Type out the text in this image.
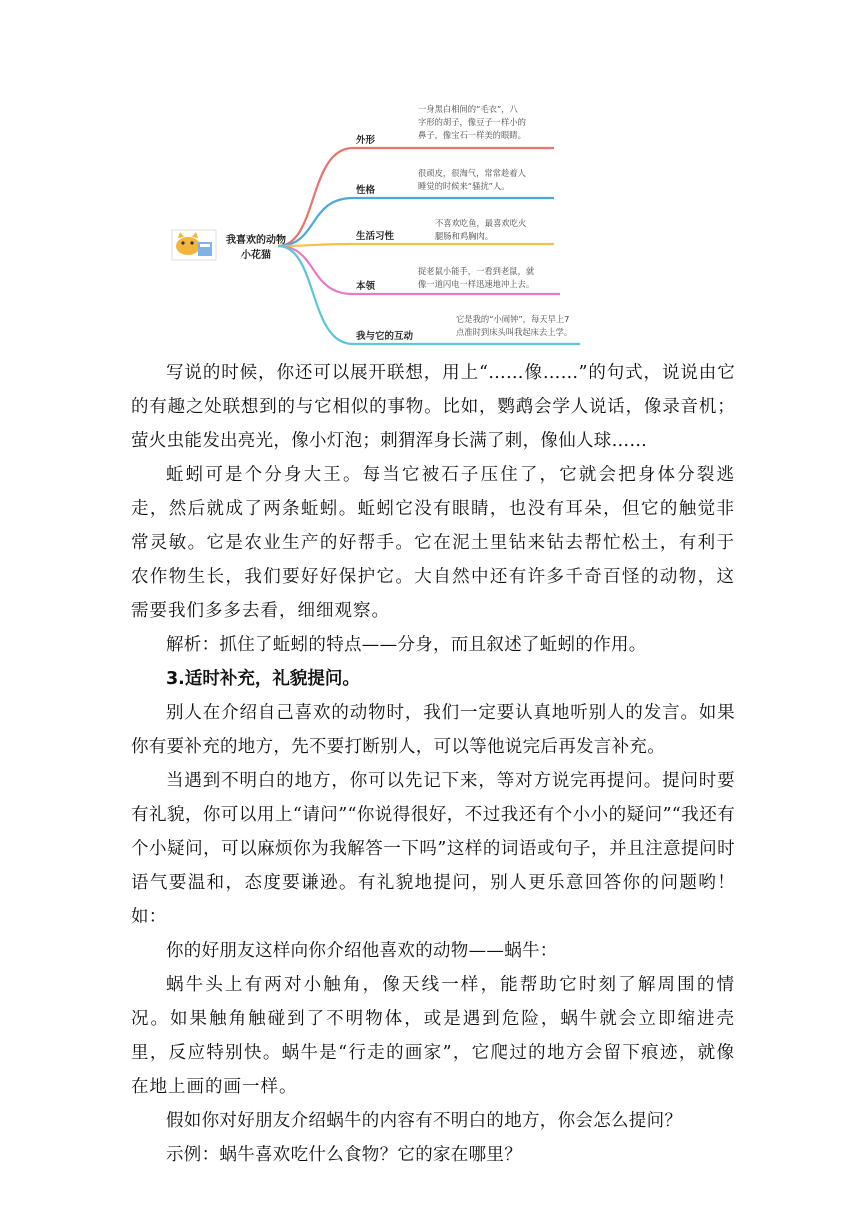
我喜欢的动物
小花猫
外形
一身黑白相间的“毛衣”，八
字形的胡子，像豆子一样小的
鼻子，像宝石一样美的眼睛。
性格
很顽皮，很淘气，常常趁着人
睡觉的时候来“骚扰”人。
生活习性
不喜欢吃鱼，最喜欢吃火
腿肠和鸡胸肉。
本领
捉老鼠小能手，一看到老鼠，就
像一道闪电一样迅速地冲上去。
我与它的互动
它是我的“小闹钟”，每天早上7
点准时到床头叫我起床去上学。

写说的时候，你还可以展开联想，用上“……像……”的句式，说说由它的有趣之处联想到的与它相似的事物。比如，鹦鹉会学人说话，像录音机；萤火虫能发出亮光，像小灯泡；刺猬浑身长满了刺，像仙人球……

蚯蚓可是个分身大王。每当它被石子压住了，它就会把身体分裂逃走，然后就成了两条蚯蚓。蚯蚓它没有眼睛，也没有耳朵，但它的触觉非常灵敏。它是农业生产的好帮手。它在泥土里钻来钻去帮忙松土，有利于农作物生长，我们要好好保护它。大自然中还有许多千奇百怪的动物，这需要我们多多去看，细细观察。

解析：抓住了蚯蚓的特点——分身，而且叙述了蚯蚓的作用。

3.适时补充，礼貌提问。

别人在介绍自己喜欢的动物时，我们一定要认真地听别人的发言。如果你有要补充的地方，先不要打断别人，可以等他说完后再发言补充。

当遇到不明白的地方，你可以先记下来，等对方说完再提问。提问时要有礼貌，你可以用上“请问”“你说得很好，不过我还有个小小的疑问”“我还有个小疑问，可以麻烦你为我解答一下吗”这样的词语或句子，并且注意提问时语气要温和，态度要谦逊。有礼貌地提问，别人更乐意回答你的问题哟！如：

你的好朋友这样向你介绍他喜欢的动物——蜗牛：

蜗牛头上有两对小触角，像天线一样，能帮助它时刻了解周围的情况。如果触角触碰到了不明物体，或是遇到危险，蜗牛就会立即缩进壳里，反应特别快。蜗牛是“行走的画家”，它爬过的地方会留下痕迹，就像在地上画的画一样。

假如你对好朋友介绍蜗牛的内容有不明白的地方，你会怎么提问？

示例：蜗牛喜欢吃什么食物？它的家在哪里？
